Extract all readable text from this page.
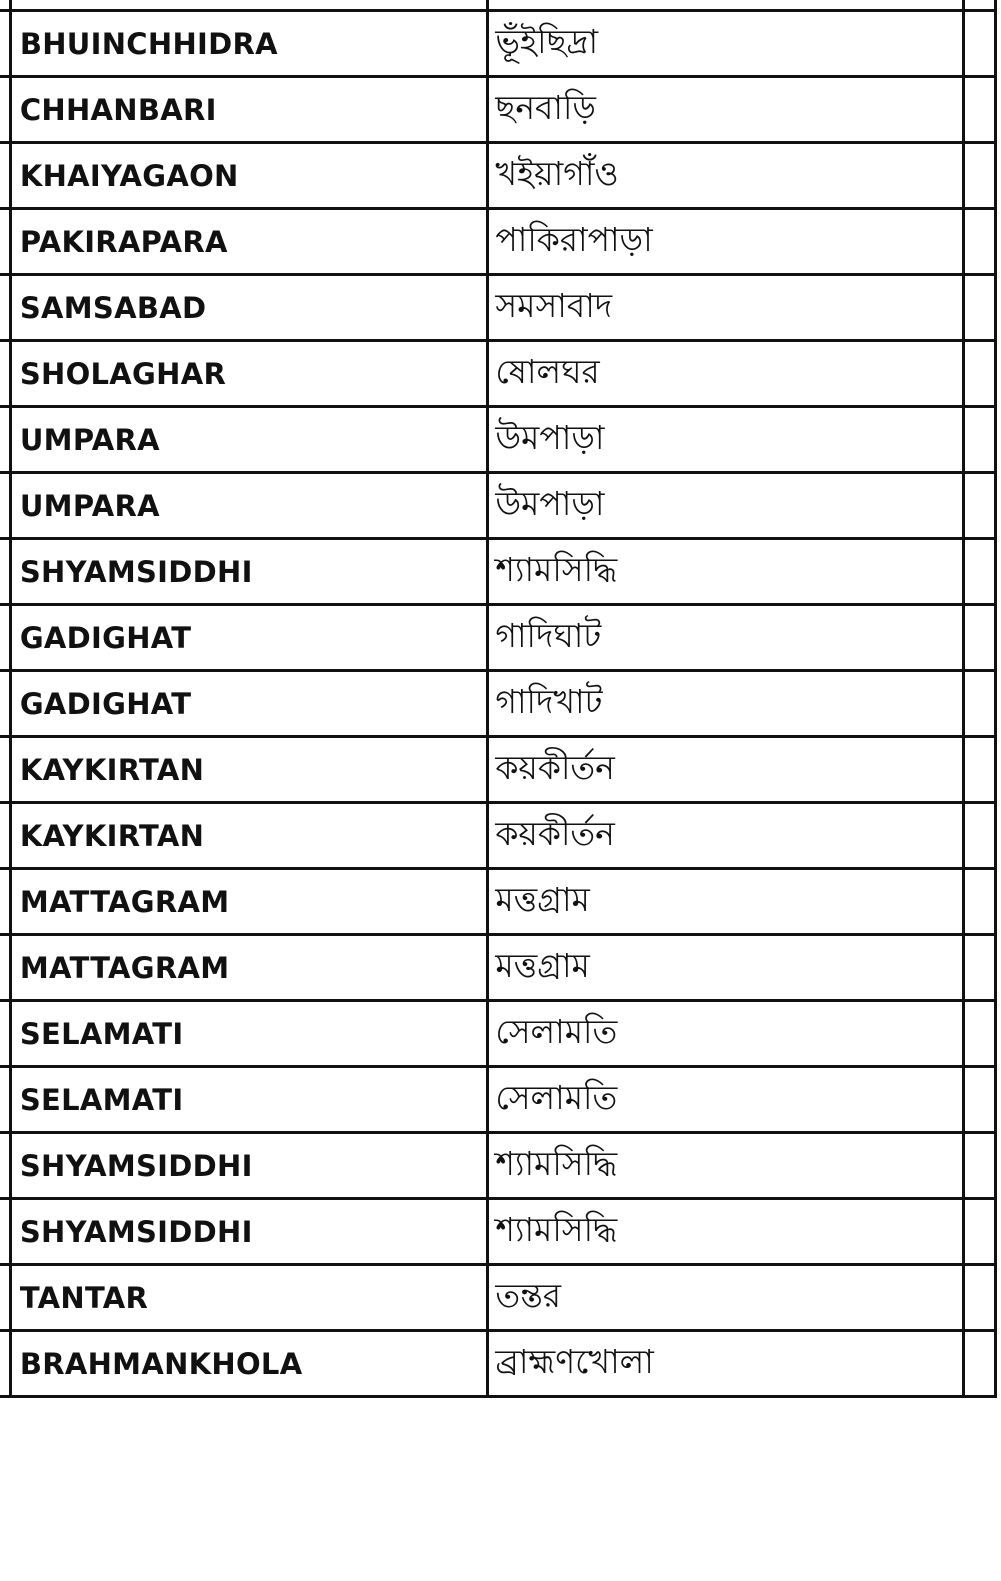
	BHUINCHHIDRA	ভূঁইছিদ্রা	
	CHHANBARI	ছনবাড়ি	
	KHAIYAGAON	খইয়াগাঁও	
	PAKIRAPARA	পাকিরাপাড়া	
	SAMSABAD	সমসাবাদ	
	SHOLAGHAR	ষোলঘর	
	UMPARA	উমপাড়া	
	UMPARA	উমপাড়া	
	SHYAMSIDDHI	শ্যামসিদ্ধি	
	GADIGHAT	গাদিঘাট	
	GADIGHAT	গাদিখাট	
	KAYKIRTAN	কয়কীর্তন	
	KAYKIRTAN	কয়কীর্তন	
	MATTAGRAM	মত্তগ্রাম	
	MATTAGRAM	মত্তগ্রাম	
	SELAMATI	সেলামতি	
	SELAMATI	সেলামতি	
	SHYAMSIDDHI	শ্যামসিদ্ধি	
	SHYAMSIDDHI	শ্যামসিদ্ধি	
	TANTAR	তন্তর	
	BRAHMANKHOLA	ব্রাহ্মণখোলা	
